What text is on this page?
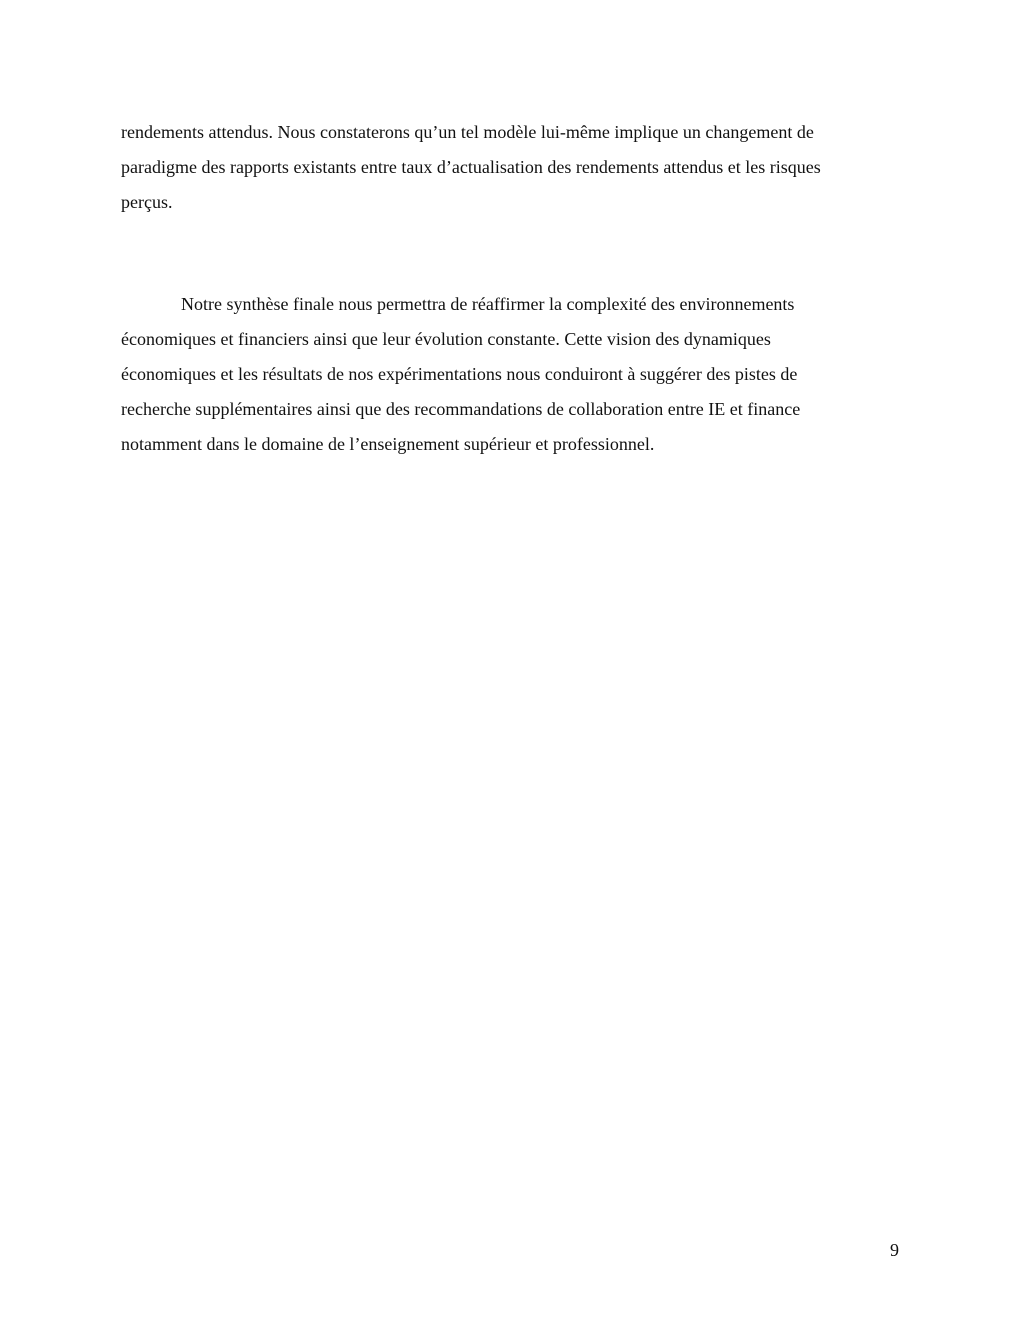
rendements attendus. Nous constaterons qu’un tel modèle lui-même implique un changement de
paradigme des rapports existants entre taux d’actualisation des rendements attendus et les risques
perçus.

Notre synthèse finale nous permettra de réaffirmer la complexité des environnements
économiques et financiers ainsi que leur évolution constante. Cette vision des dynamiques
économiques et les résultats de nos expérimentations nous conduiront à suggérer des pistes de
recherche supplémentaires ainsi que des recommandations de collaboration entre IE et finance
notamment dans le domaine de l’enseignement supérieur et professionnel.

9
